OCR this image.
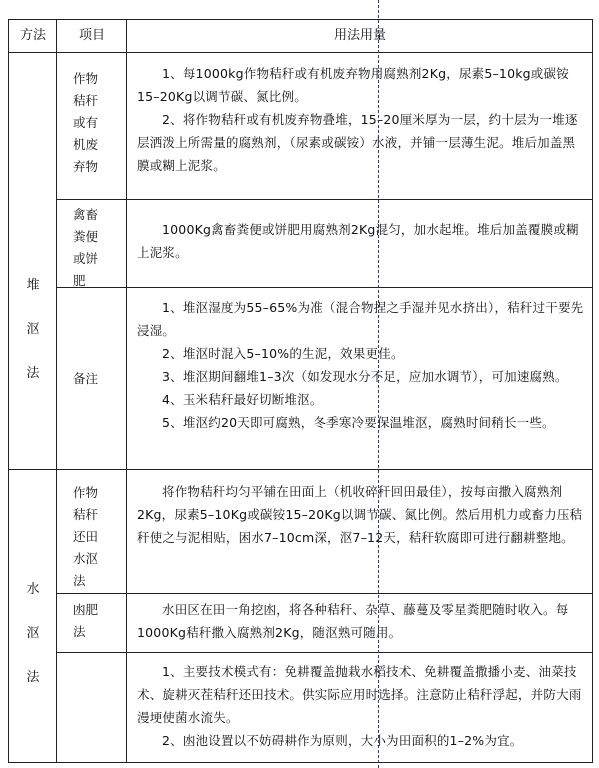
方法	项目	用法用量
堆
沤
法
水
沤
法
作物
秸秆
或有
机废
弃物
禽畜
粪便
或饼
肥
备注
作物
秸秆
还田
水沤
法
凼肥
法

1、每1000kg作物秸秆或有机废弃物用腐熟剂2Kg，尿素5–10kg或碳铵15–20Kg以调节碳、氮比例。

2、将作物秸秆或有机废弃物叠堆，15–20厘米厚为一层，约十层为一堆逐层洒泼上所需量的腐熟剂，（尿素或碳铵）水液，并铺一层薄生泥。堆后加盖黑膜或糊上泥浆。

1000Kg禽畜粪便或饼肥用腐熟剂2Kg混匀，加水起堆。堆后加盖覆膜或糊上泥浆。

1、堆沤湿度为55–65%为准（混合物捏之手湿并见水挤出），秸秆过干要先浸湿。

2、堆沤时混入5–10%的生泥，效果更佳。

3、堆沤期间翻堆1–3次（如发现水分不足，应加水调节），可加速腐熟。

4、玉米秸秆最好切断堆沤。

5、堆沤约20天即可腐熟，冬季寒冷要保温堆沤，腐熟时间稍长一些。

将作物秸秆均匀平铺在田面上（机收碎秆回田最佳），按每亩撒入腐熟剂2Kg，尿素5–10Kg或碳铵15–20Kg以调节碳、氮比例。然后用机力或畜力压秸秆使之与泥相贴，困水7–10cm深，沤7–12天，秸秆软腐即可进行翻耕整地。

水田区在田一角挖凼，将各种秸秆、杂草、藤蔓及零星粪肥随时收入。每1000Kg秸秆撒入腐熟剂2Kg，随沤熟可随用。

1、主要技术模式有：免耕覆盖抛栽水稻技术、免耕覆盖撒播小麦、油菜技术、旋耕灭茬秸秆还田技术。供实际应用时选择。注意防止秸秆浮起，并防大雨漫埂使菌水流失。

2、凼池设置以不妨碍耕作为原则，大小为田面积的1–2%为宜。
